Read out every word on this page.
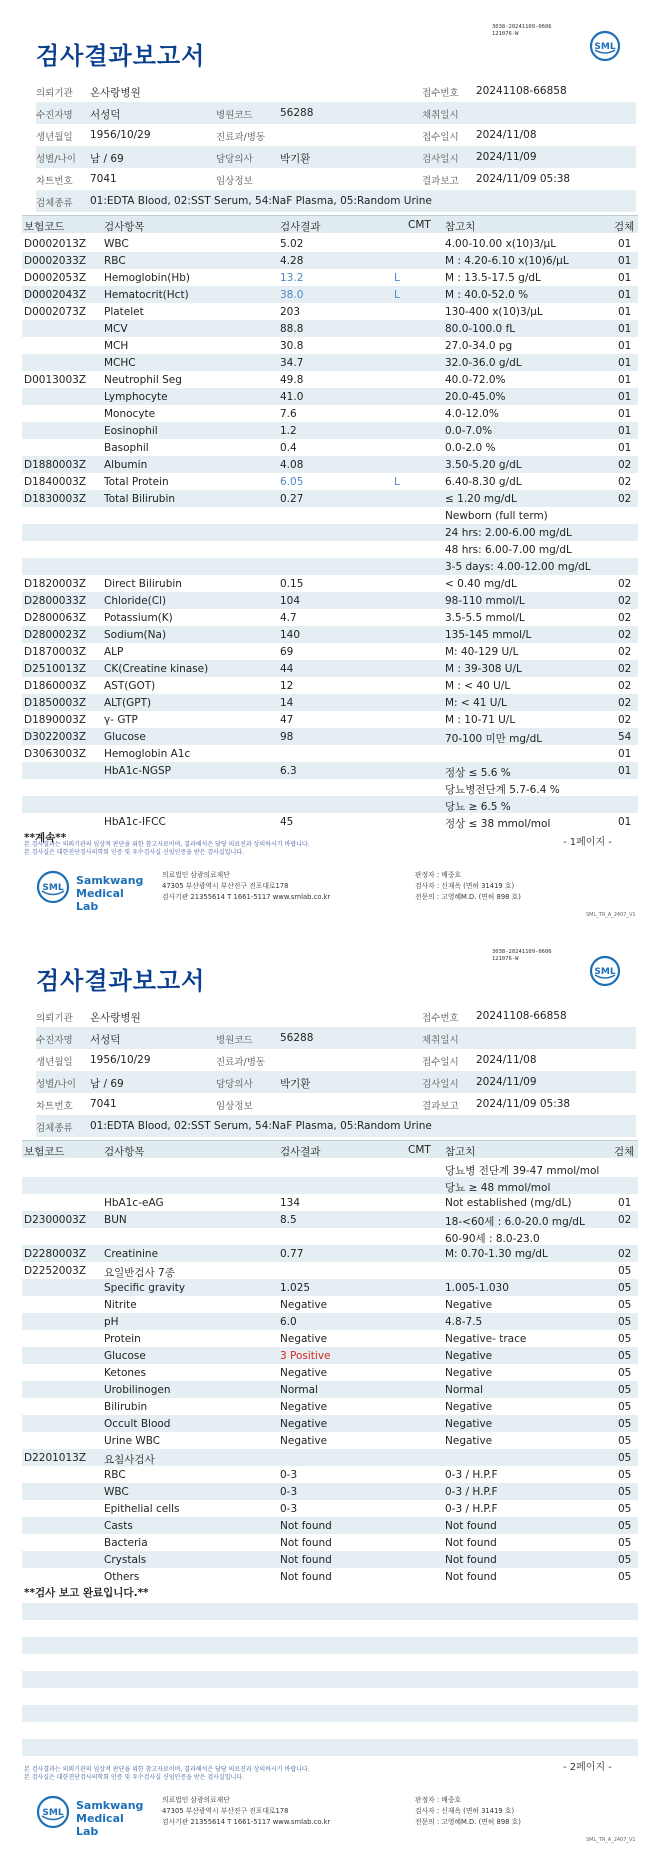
검사결과보고서
3038-20241109-0606
121076-W
SML
의뢰기관 온사랑병원	접수번호 20241108-66858
수진자명 서성덕	병원코드	56288	채취일시
생년월일 1956/10/29	진료과/병동	접수일시 2024/11/08
성별/나이 남 / 69	담당의사	박기환	검사일시 2024/11/09
차트번호 7041	임상정보	결과보고 2024/11/09 05:38
검체종류 01:EDTA Blood, 02:SST Serum, 54:NaF Plasma, 05:Random Urine
보험코드	검사항목	검사결과	CMT 참고치	검체
D0002013Z WBC	5.02	4.00-10.00 x(10)3/μL	01
D0002033Z RBC	4.28	M : 4.20-6.10 x(10)6/μL	01
D0002053Z Hemoglobin(Hb)	13.2	L	M : 13.5-17.5 g/dL	01
D0002043Z Hematocrit(Hct)	38.0	L	M : 40.0-52.0 %	01
D0002073Z Platelet	203	130-400 x(10)3/μL	01
MCV	88.8	80.0-100.0 fL	01
MCH	30.8	27.0-34.0 pg	01
MCHC	34.7	32.0-36.0 g/dL	01
D0013003Z Neutrophil Seg	49.8	40.0-72.0%	01
Lymphocyte	41.0	20.0-45.0%	01
Monocyte	7.6	4.0-12.0%	01
Eosinophil	1.2	0.0-7.0%	01
Basophil	0.4	0.0-2.0 %	01
D1880003Z Albumin	4.08	3.50-5.20 g/dL	02
D1840003Z Total Protein	6.05	L	6.40-8.30 g/dL	02
D1830003Z Total Bilirubin	0.27	≤ 1.20 mg/dL	02
Newborn (full term)
24 hrs: 2.00-6.00 mg/dL
48 hrs: 6.00-7.00 mg/dL
3-5 days: 4.00-12.00 mg/dL
D1820003Z Direct Bilirubin	0.15	< 0.40 mg/dL	02
D2800033Z Chloride(Cl)	104	98-110 mmol/L	02
D2800063Z Potassium(K)	4.7	3.5-5.5 mmol/L	02
D2800023Z Sodium(Na)	140	135-145 mmol/L	02
D1870003Z ALP	69	M: 40-129 U/L	02
D2510013Z CK(Creatine kinase)	44	M : 39-308 U/L	02
D1860003Z AST(GOT)	12	M : < 40 U/L	02
D1850003Z ALT(GPT)	14	M: < 41 U/L	02
D1890003Z γ- GTP	47	M : 10-71 U/L	02
D3022003Z Glucose	98	70-100 미만 mg/dL	54
D3063003Z Hemoglobin A1c	01
HbA1c-NGSP	6.3	정상 ≤ 5.6 %	01
당뇨병전단계 5.7-6.4 %
당뇨 ≥ 6.5 %
HbA1c-IFCC	45	정상 ≤ 38 mmol/mol	01
**계속**	- 1페이지 -
본 검사결과는 의뢰기관의 임상적 판단을 위한 참고자료이며, 결과해석은 담당 의료진과 상의하시기 바랍니다.
본 검사실은 대한진단검사의학회 인증 및 우수검사실 신임인증을 받은 검사실입니다.
SML
Samkwang
Medical Lab
의료법인 삼광의료재단
47305 부산광역시 부산진구 전포대로178
검사기관 21355614 T 1661-5117 www.smlab.co.kr
판정자 : 배중호
검사자 : 신재옥 (면허 31419 호)
전문의 : 고영혜M.D. (면허 898 호)
SML_TR_A_2407_V1
검사결과보고서
3038-20241109-0606
121076-W
SML
의뢰기관 온사랑병원	접수번호 20241108-66858
수진자명 서성덕	병원코드	56288	채취일시
생년월일 1956/10/29	진료과/병동	접수일시 2024/11/08
성별/나이 남 / 69	담당의사	박기환	검사일시 2024/11/09
차트번호 7041	임상정보	결과보고 2024/11/09 05:38
검체종류 01:EDTA Blood, 02:SST Serum, 54:NaF Plasma, 05:Random Urine
보험코드	검사항목	검사결과	CMT 참고치	검체
당뇨병 전단계 39-47 mmol/mol
당뇨 ≥ 48 mmol/mol
HbA1c-eAG	134	Not established (mg/dL)	01
D2300003Z BUN	8.5	18-<60세 : 6.0-20.0 mg/dL	02
60-90세 : 8.0-23.0
D2280003Z Creatinine	0.77	M: 0.70-1.30 mg/dL	02
D2252003Z 요일반검사 7종	05
Specific gravity	1.025	1.005-1.030	05
Nitrite	Negative	Negative	05
pH	6.0	4.8-7.5	05
Protein	Negative	Negative- trace	05
Glucose	3 Positive	Negative	05
Ketones	Negative	Negative	05
Urobilinogen	Normal	Normal	05
Bilirubin	Negative	Negative	05
Occult Blood	Negative	Negative	05
Urine WBC	Negative	Negative	05
D2201013Z 요침사검사	05
RBC	0-3	0-3 / H.P.F	05
WBC	0-3	0-3 / H.P.F	05
Epithelial cells	0-3	0-3 / H.P.F	05
Casts	Not found	Not found	05
Bacteria	Not found	Not found	05
Crystals	Not found	Not found	05
Others	Not found	Not found	05
**검사 보고 완료입니다.**
- 2페이지 -
본 검사결과는 의뢰기관의 임상적 판단을 위한 참고자료이며, 결과해석은 담당 의료진과 상의하시기 바랍니다.
본 검사실은 대한진단검사의학회 인증 및 우수검사실 신임인증을 받은 검사실입니다.
SML
Samkwang
Medical Lab
의료법인 삼광의료재단
47305 부산광역시 부산진구 전포대로178
검사기관 21355614 T 1661-5117 www.smlab.co.kr
판정자 : 배중호
검사자 : 신재옥 (면허 31419 호)
전문의 : 고영혜M.D. (면허 898 호)
SML_TR_A_2407_V1
